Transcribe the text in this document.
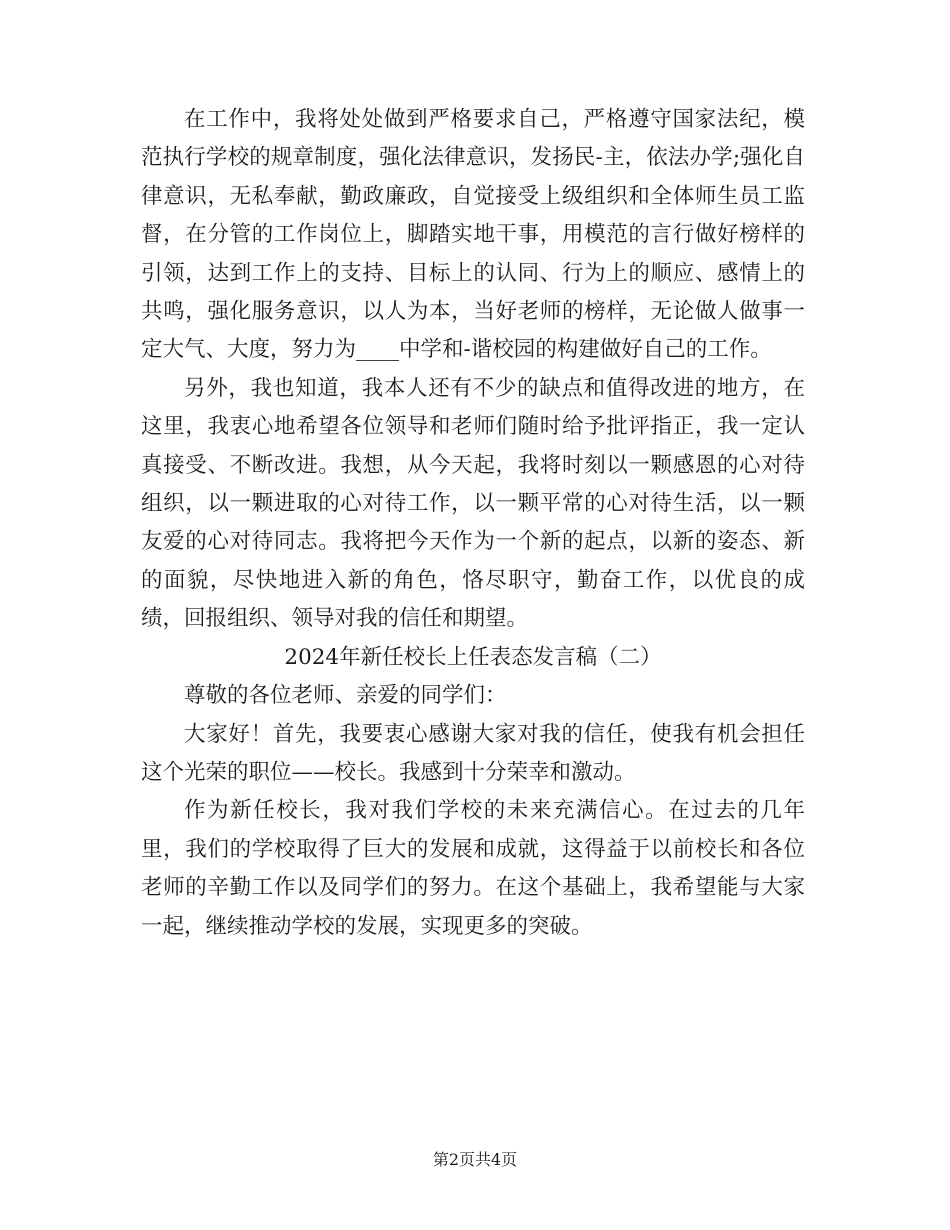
在工作中，我将处处做到严格要求自己，严格遵守国家法纪，模范执行学校的规章制度，强化法律意识，发扬民-主，依法办学;强化自律意识，无私奉献，勤政廉政，自觉接受上级组织和全体师生员工监督，在分管的工作岗位上，脚踏实地干事，用模范的言行做好榜样的引领，达到工作上的支持、目标上的认同、行为上的顺应、感情上的共鸣，强化服务意识，以人为本，当好老师的榜样，无论做人做事一定大气、大度，努力为____中学和-谐校园的构建做好自己的工作。

另外，我也知道，我本人还有不少的缺点和值得改进的地方，在这里，我衷心地希望各位领导和老师们随时给予批评指正，我一定认真接受、不断改进。我想，从今天起，我将时刻以一颗感恩的心对待组织，以一颗进取的心对待工作，以一颗平常的心对待生活，以一颗友爱的心对待同志。我将把今天作为一个新的起点，以新的姿态、新的面貌，尽快地进入新的角色，恪尽职守，勤奋工作，以优良的成绩，回报组织、领导对我的信任和期望。

2024年新任校长上任表态发言稿（二）

尊敬的各位老师、亲爱的同学们：

大家好！首先，我要衷心感谢大家对我的信任，使我有机会担任这个光荣的职位——校长。我感到十分荣幸和激动。

作为新任校长，我对我们学校的未来充满信心。在过去的几年里，我们的学校取得了巨大的发展和成就，这得益于以前校长和各位老师的辛勤工作以及同学们的努力。在这个基础上，我希望能与大家一起，继续推动学校的发展，实现更多的突破。

第2页共4页
